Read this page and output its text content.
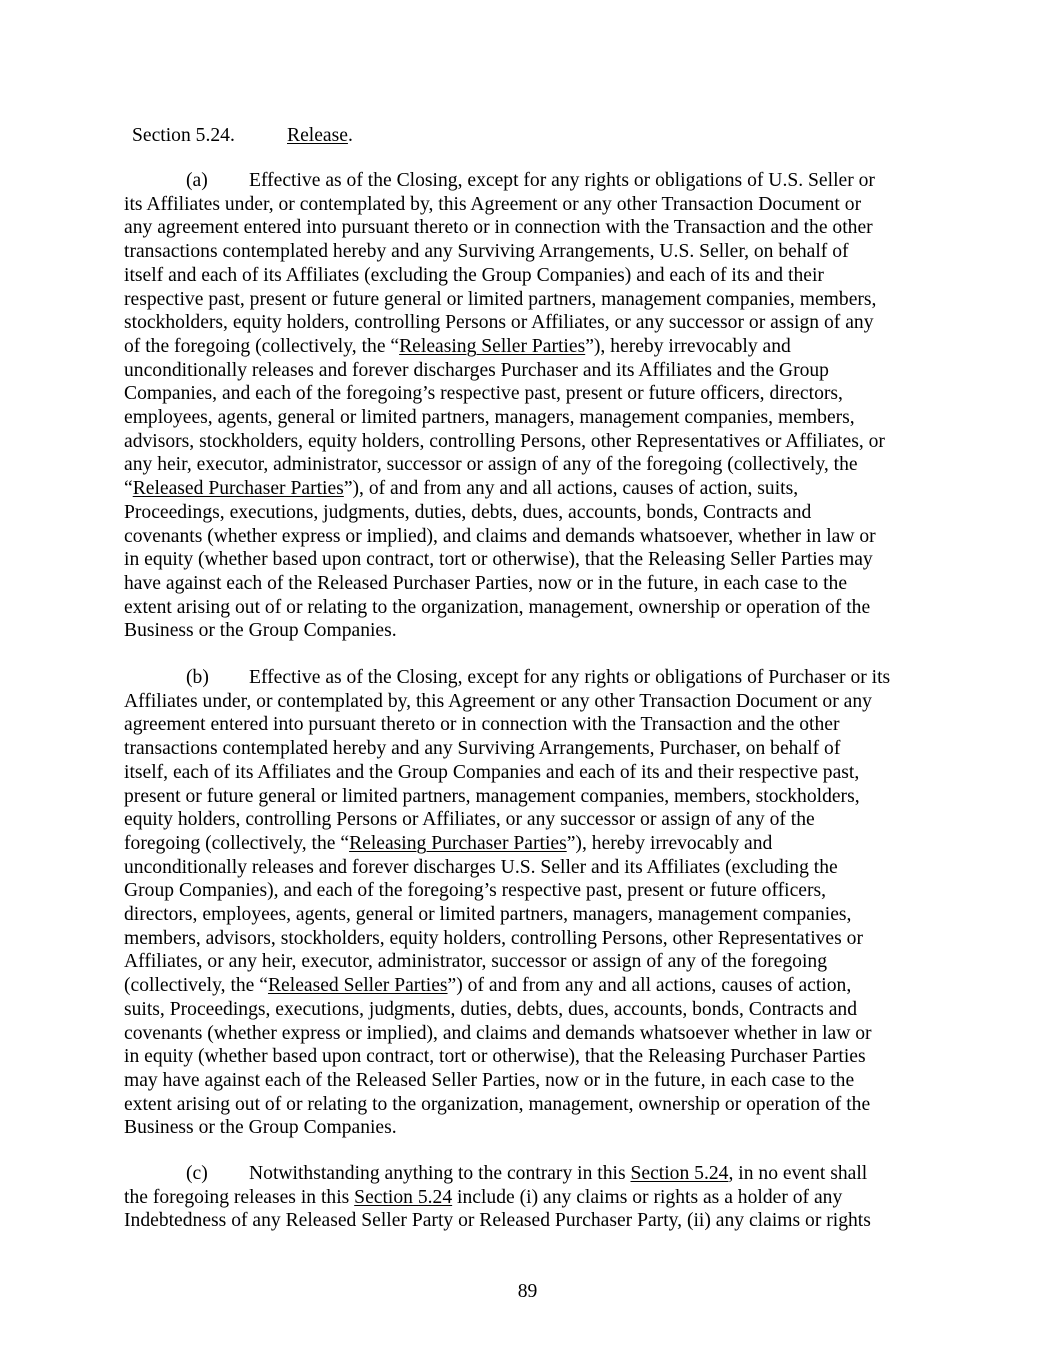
Section 5.24.	Release.
(a) Effective as of the Closing, except for any rights or obligations of U.S. Seller or
its Affiliates under, or contemplated by, this Agreement or any other Transaction Document or
any agreement entered into pursuant thereto or in connection with the Transaction and the other
transactions contemplated hereby and any Surviving Arrangements, U.S. Seller, on behalf of
itself and each of its Affiliates (excluding the Group Companies) and each of its and their
respective past, present or future general or limited partners, management companies, members,
stockholders, equity holders, controlling Persons or Affiliates, or any successor or assign of any
of the foregoing (collectively, the “Releasing Seller Parties”), hereby irrevocably and
unconditionally releases and forever discharges Purchaser and its Affiliates and the Group
Companies, and each of the foregoing’s respective past, present or future officers, directors,
employees, agents, general or limited partners, managers, management companies, members,
advisors, stockholders, equity holders, controlling Persons, other Representatives or Affiliates, or
any heir, executor, administrator, successor or assign of any of the foregoing (collectively, the
“Released Purchaser Parties”), of and from any and all actions, causes of action, suits,
Proceedings, executions, judgments, duties, debts, dues, accounts, bonds, Contracts and
covenants (whether express or implied), and claims and demands whatsoever, whether in law or
in equity (whether based upon contract, tort or otherwise), that the Releasing Seller Parties may
have against each of the Released Purchaser Parties, now or in the future, in each case to the
extent arising out of or relating to the organization, management, ownership or operation of the
Business or the Group Companies.
(b) Effective as of the Closing, except for any rights or obligations of Purchaser or its
Affiliates under, or contemplated by, this Agreement or any other Transaction Document or any
agreement entered into pursuant thereto or in connection with the Transaction and the other
transactions contemplated hereby and any Surviving Arrangements, Purchaser, on behalf of
itself, each of its Affiliates and the Group Companies and each of its and their respective past,
present or future general or limited partners, management companies, members, stockholders,
equity holders, controlling Persons or Affiliates, or any successor or assign of any of the
foregoing (collectively, the “Releasing Purchaser Parties”), hereby irrevocably and
unconditionally releases and forever discharges U.S. Seller and its Affiliates (excluding the
Group Companies), and each of the foregoing’s respective past, present or future officers,
directors, employees, agents, general or limited partners, managers, management companies,
members, advisors, stockholders, equity holders, controlling Persons, other Representatives or
Affiliates, or any heir, executor, administrator, successor or assign of any of the foregoing
(collectively, the “Released Seller Parties”) of and from any and all actions, causes of action,
suits, Proceedings, executions, judgments, duties, debts, dues, accounts, bonds, Contracts and
covenants (whether express or implied), and claims and demands whatsoever whether in law or
in equity (whether based upon contract, tort or otherwise), that the Releasing Purchaser Parties
may have against each of the Released Seller Parties, now or in the future, in each case to the
extent arising out of or relating to the organization, management, ownership or operation of the
Business or the Group Companies.
(c) Notwithstanding anything to the contrary in this Section 5.24, in no event shall
the foregoing releases in this Section 5.24 include (i) any claims or rights as a holder of any
Indebtedness of any Released Seller Party or Released Purchaser Party, (ii) any claims or rights
89
